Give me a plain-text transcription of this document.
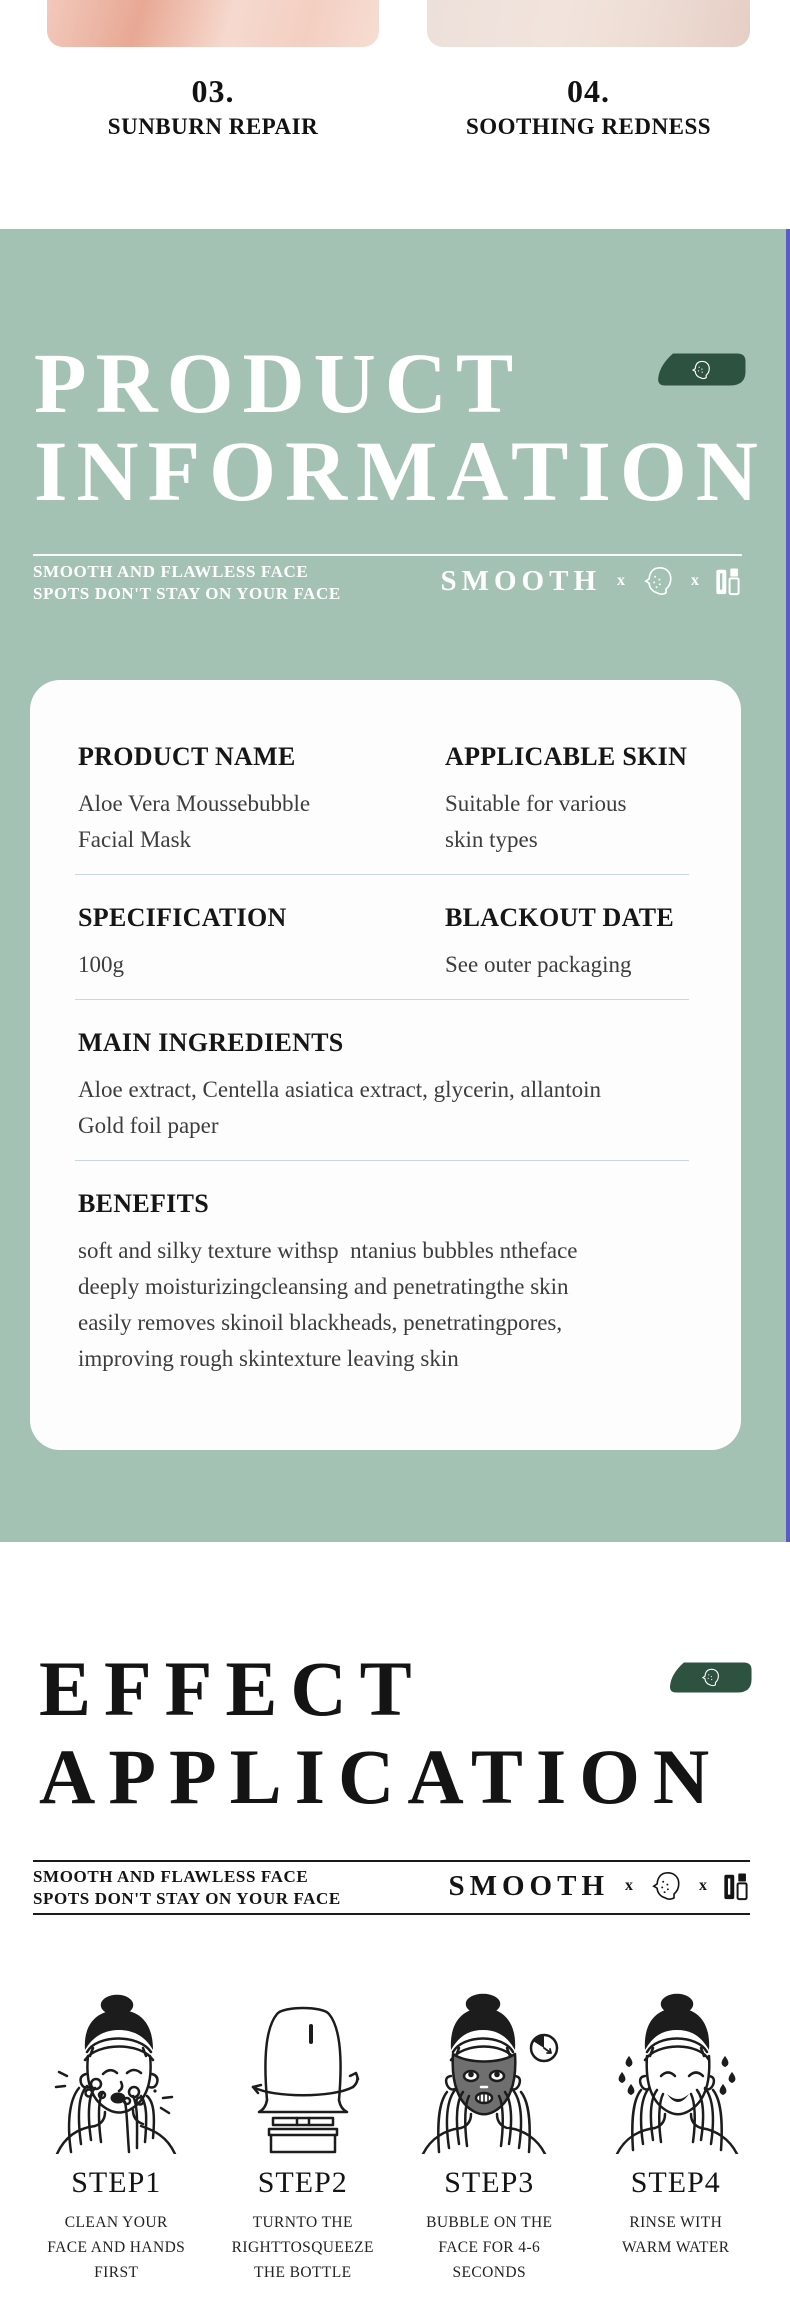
03.
SUNBURN REPAIR
04.
SOOTHING REDNESS
PRODUCT
INFORMATION
SMOOTH AND FLAWLESS FACE
SPOTS DON'T STAY ON YOUR FACE	SMOOTH x	x
PRODUCT NAME

Aloe Vera Moussebubble
Facial Mask

APPLICABLE SKIN

Suitable for various
skin types

SPECIFICATION

100g

BLACKOUT DATE

See outer packaging

MAIN INGREDIENTS

Aloe extract, Centella asiatica extract, glycerin, allantoin
Gold foil paper

BENEFITS

soft and silky texture withsp  ntanius bubbles ntheface
deeply moisturizingcleansing and penetratingthe skin
easily removes skinoil blackheads, penetratingpores,
improving rough skintexture leaving skin

EFFECT
APPLICATION
SMOOTH AND FLAWLESS FACE
SPOTS DON'T STAY ON YOUR FACE	SMOOTH x	x
STEP1
CLEAN YOUR
FACE AND HANDS
FIRST
STEP2
TURNTO THE
RIGHTTOSQUEEZE
THE BOTTLE
STEP3
BUBBLE ON THE
FACE FOR 4-6
SECONDS
STEP4
RINSE WITH
WARM WATER
